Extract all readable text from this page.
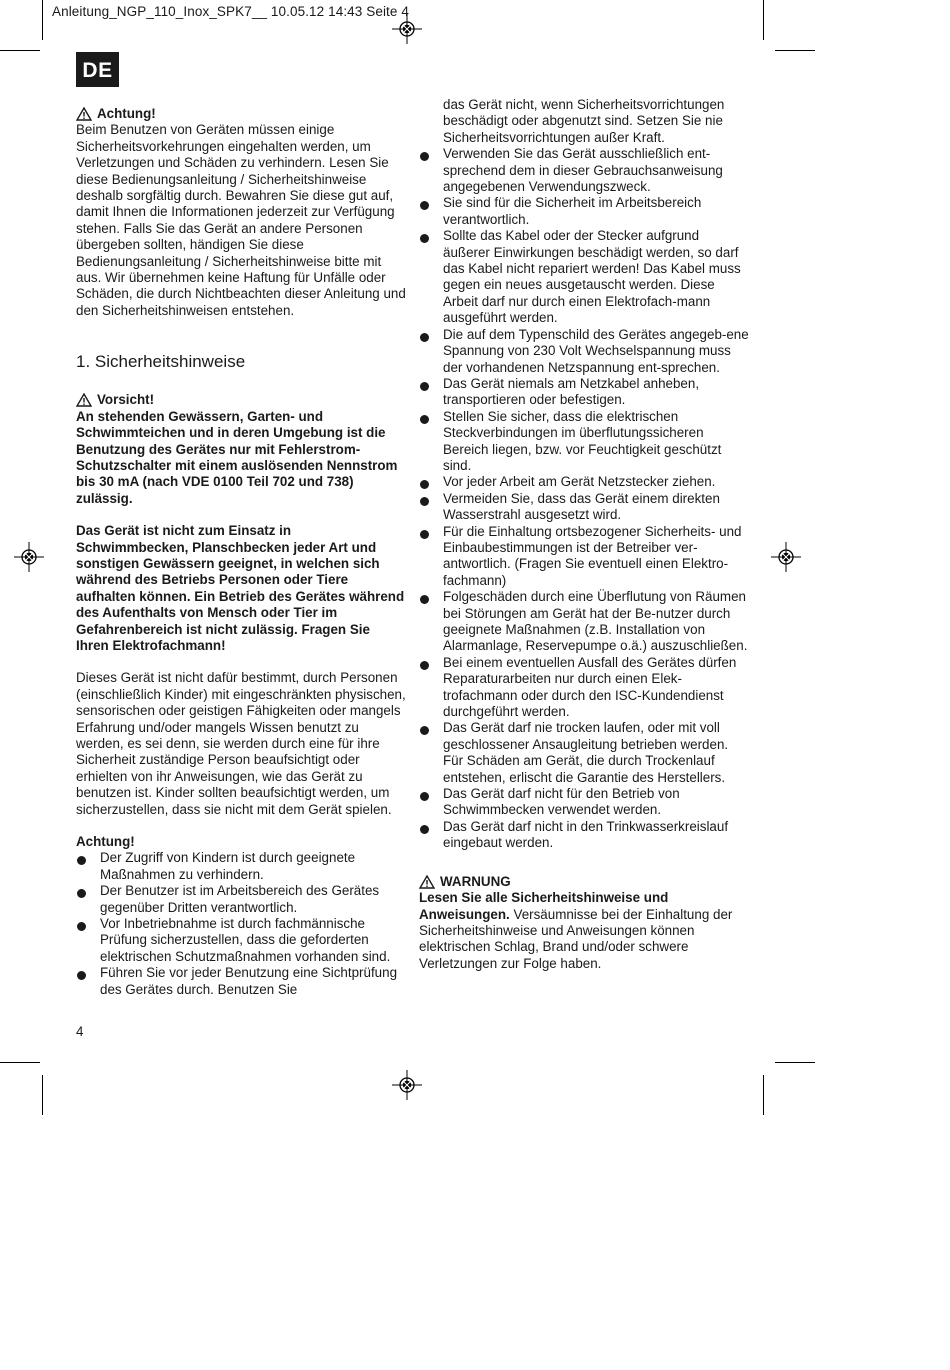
Anleitung_NGP_110_Inox_SPK7__ 10.05.12 14:43 Seite 4
DE
Achtung!

Beim Benutzen von Geräten müssen einige Sicherheitsvorkehrungen eingehalten werden, um Verletzungen und Schäden zu verhindern. Lesen Sie diese Bedienungsanleitung / Sicherheitshinweise deshalb sorgfältig durch. Bewahren Sie diese gut auf, damit Ihnen die Informationen jederzeit zur Verfügung stehen. Falls Sie das Gerät an andere Personen übergeben sollten, händigen Sie diese Bedienungsanleitung / Sicherheitshinweise bitte mit aus. Wir übernehmen keine Haftung für Unfälle oder Schäden, die durch Nichtbeachten dieser Anleitung und den Sicherheitshinweisen entstehen.

1. Sicherheitshinweise
Vorsicht!

An stehenden Gewässern, Garten- und Schwimmteichen und in deren Umgebung ist die Benutzung des Gerätes nur mit Fehlerstrom-Schutzschalter mit einem auslösenden Nennstrom bis 30 mA (nach VDE 0100 Teil 702 und 738) zulässig.

Das Gerät ist nicht zum Einsatz in Schwimmbecken, Planschbecken jeder Art und sonstigen Gewässern geeignet, in welchen sich während des Betriebs Personen oder Tiere aufhalten können. Ein Betrieb des Gerätes während des Aufenthalts von Mensch oder Tier im Gefahrenbereich ist nicht zulässig. Fragen Sie Ihren Elektrofachmann!

Dieses Gerät ist nicht dafür bestimmt, durch Personen (einschließlich Kinder) mit eingeschränkten physischen, sensorischen oder geistigen Fähigkeiten oder mangels Erfahrung und/oder mangels Wissen benutzt zu werden, es sei denn, sie werden durch eine für ihre Sicherheit zuständige Person beaufsichtigt oder erhielten von ihr Anweisungen, wie das Gerät zu benutzen ist. Kinder sollten beaufsichtigt werden, um sicherzustellen, dass sie nicht mit dem Gerät spielen.

Achtung!

Der Zugriff von Kindern ist durch geeignete Maßnahmen zu verhindern.
Der Benutzer ist im Arbeitsbereich des Gerätes gegenüber Dritten verantwortlich.
Vor Inbetriebnahme ist durch fachmännische Prüfung sicherzustellen, dass die geforderten elektrischen Schutzmaßnahmen vorhanden sind.
Führen Sie vor jeder Benutzung eine Sichtprüfung des Gerätes durch. Benutzen Sie

das Gerät nicht, wenn Sicherheitsvorrichtungen beschädigt oder abgenutzt sind. Setzen Sie nie Sicherheitsvorrichtungen außer Kraft.

Verwenden Sie das Gerät ausschließlich ent-sprechend dem in dieser Gebrauchsanweisung angegebenen Verwendungszweck.
Sie sind für die Sicherheit im Arbeitsbereich verantwortlich.
Sollte das Kabel oder der Stecker aufgrund äußerer Einwirkungen beschädigt werden, so darf das Kabel nicht repariert werden! Das Kabel muss gegen ein neues ausgetauscht werden. Diese Arbeit darf nur durch einen Elektrofach-mann ausgeführt werden.
Die auf dem Typenschild des Gerätes angegeb-ene Spannung von 230 Volt Wechselspannung muss der vorhandenen Netzspannung ent-sprechen.
Das Gerät niemals am Netzkabel anheben, transportieren oder befestigen.
Stellen Sie sicher, dass die elektrischen Steckverbindungen im überflutungssicheren Bereich liegen, bzw. vor Feuchtigkeit geschützt sind.
Vor jeder Arbeit am Gerät Netzstecker ziehen.
Vermeiden Sie, dass das Gerät einem direkten Wasserstrahl ausgesetzt wird.
Für die Einhaltung ortsbezogener Sicherheits- und Einbaubestimmungen ist der Betreiber ver-antwortlich. (Fragen Sie eventuell einen Elektro-fachmann)
Folgeschäden durch eine Überflutung von Räumen bei Störungen am Gerät hat der Be-nutzer durch geeignete Maßnahmen (z.B. Installation von Alarmanlage, Reservepumpe o.ä.) auszuschließen.
Bei einem eventuellen Ausfall des Gerätes dürfen Reparaturarbeiten nur durch einen Elek-trofachmann oder durch den ISC-Kundendienst durchgeführt werden.
Das Gerät darf nie trocken laufen, oder mit voll geschlossener Ansaugleitung betrieben werden. Für Schäden am Gerät, die durch Trockenlauf entstehen, erlischt die Garantie des Herstellers.
Das Gerät darf nicht für den Betrieb von Schwimmbecken verwendet werden.
Das Gerät darf nicht in den Trinkwasserkreislauf eingebaut werden.
WARNUNG

Lesen Sie alle Sicherheitshinweise und Anweisungen. Versäumnisse bei der Einhaltung der Sicherheitshinweise und Anweisungen können elektrischen Schlag, Brand und/oder schwere Verletzungen zur Folge haben.

4
